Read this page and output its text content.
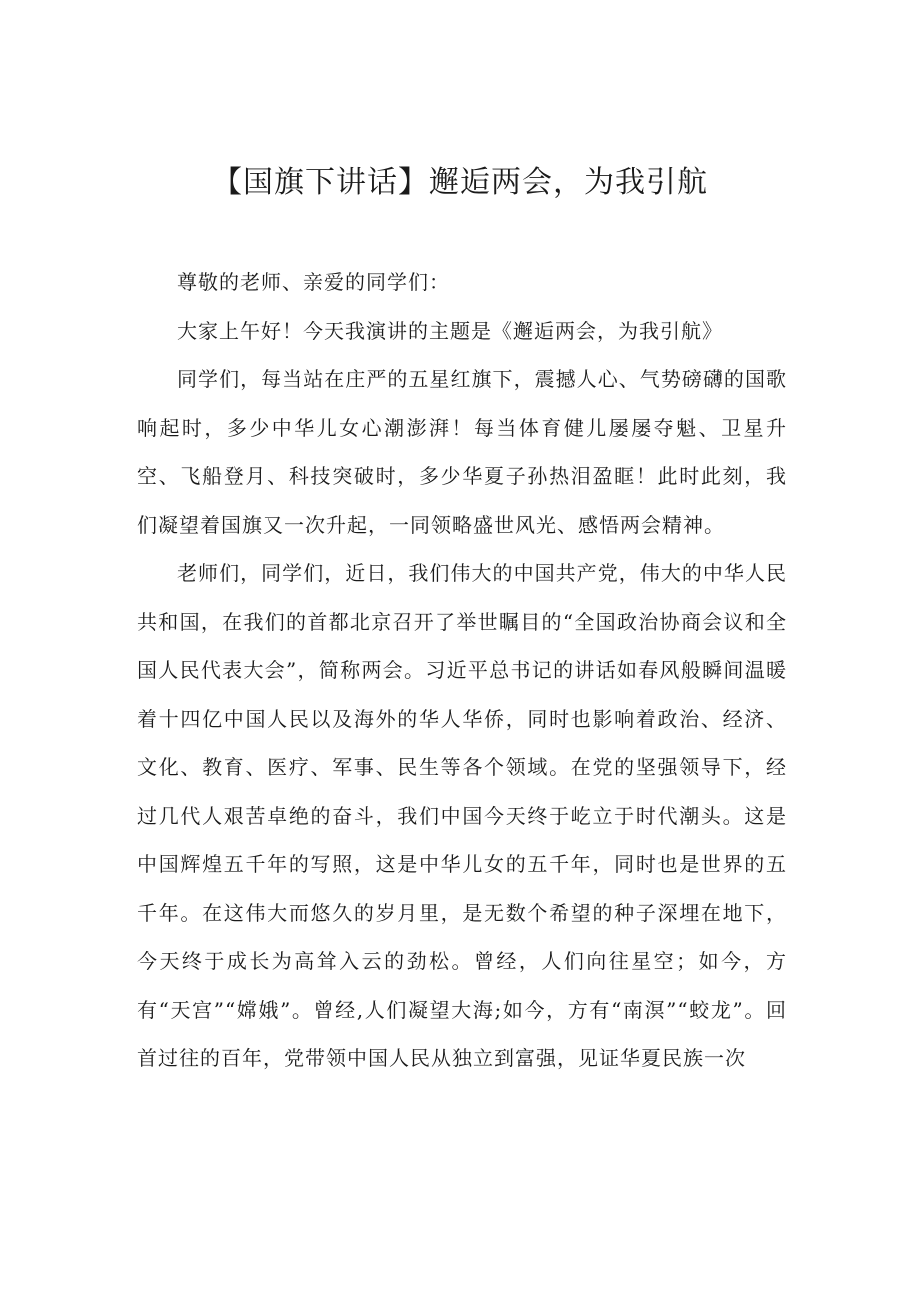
【国旗下讲话】邂逅两会，为我引航

尊敬的老师、亲爱的同学们：

大家上午好！今天我演讲的主题是《邂逅两会，为我引航》

同学们，每当站在庄严的五星红旗下，震撼人心、气势磅礴的国歌响起时，多少中华儿女心潮澎湃！每当体育健儿屡屡夺魁、卫星升空、飞船登月、科技突破时，多少华夏子孙热泪盈眶！此时此刻，我们凝望着国旗又一次升起，一同领略盛世风光、感悟两会精神。

老师们，同学们，近日，我们伟大的中国共产党，伟大的中华人民共和国，在我们的首都北京召开了举世瞩目的“全国政治协商会议和全国人民代表大会”，简称两会。习近平总书记的讲话如春风般瞬间温暖着十四亿中国人民以及海外的华人华侨，同时也影响着政治、经济、文化、教育、医疗、军事、民生等各个领域。在党的坚强领导下，经过几代人艰苦卓绝的奋斗，我们中国今天终于屹立于时代潮头。这是中国辉煌五千年的写照，这是中华儿女的五千年，同时也是世界的五千年。在这伟大而悠久的岁月里，是无数个希望的种子深埋在地下，今天终于成长为高耸入云的劲松。曾经，人们向往星空；如今，方有“天宫”“嫦娥”。曾经,人们凝望大海;如今，方有“南溟”“蛟龙”。回首过往的百年，党带领中国人民从独立到富强，见证华夏民族一次
